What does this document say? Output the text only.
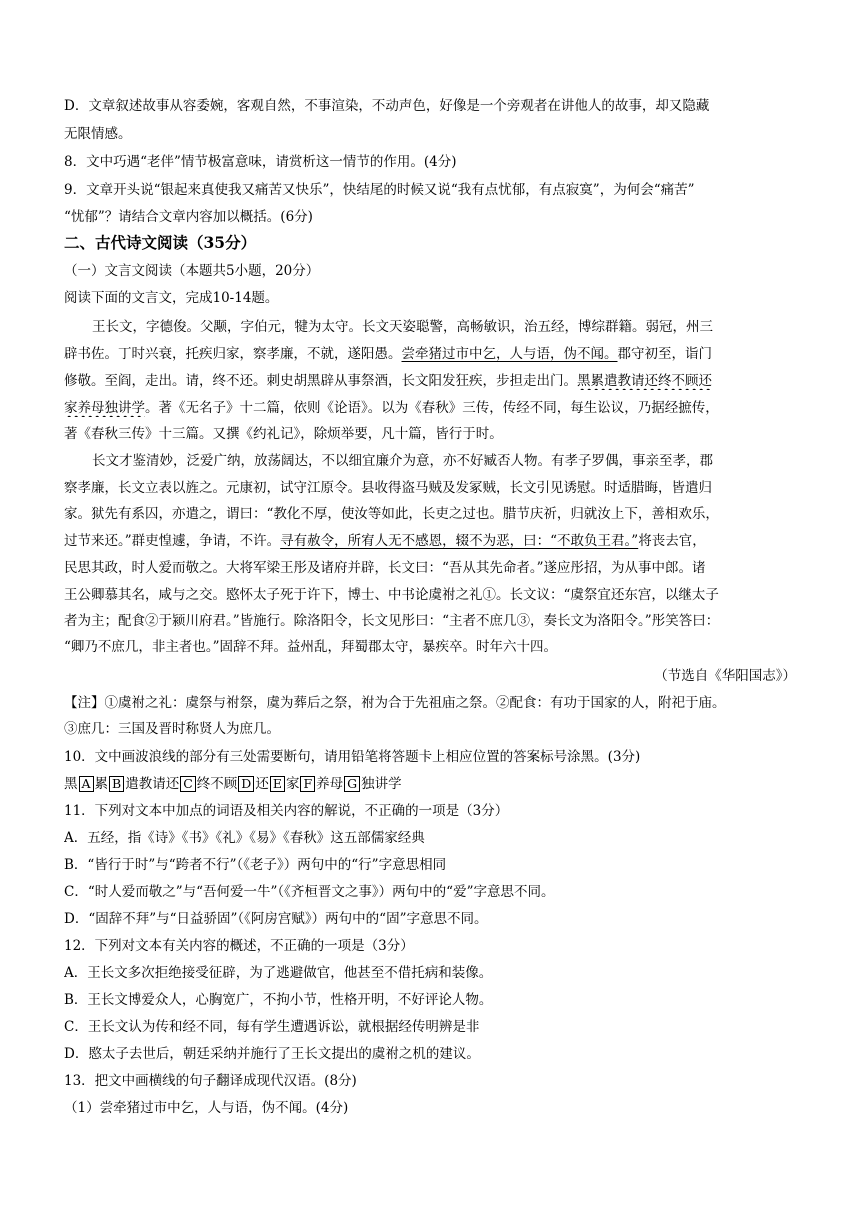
D．文章叙述故事从容委婉，客观自然，不事渲染，不动声色，好像是一个旁观者在讲他人的故事，却又隐藏
无限情感。
8．文中巧遇“老伴”情节极富意味，请赏析这一情节的作用。(4分)
9．文章开头说“银起来真使我又痛苦又快乐”，快结尾的时候又说“我有点忧郁，有点寂寞”，为何会“痛苦”
“忧郁”？请结合文章内容加以概括。(6分)
二、古代诗文阅读（35分）
（一）文言文阅读（本题共5小题，20分）
阅读下面的文言文，完成10-14题。
王长文，字德俊。父颙，字伯元，犍为太守。长文天姿聪警，高畅敏识，治五经，博综群籍。弱冠，州三
辟书佐。丁时兴衰，托疾归家，察孝廉，不就，遂阳愚。尝牵猪过市中乞，人与语，伪不闻。郡守初至，诣门
修敬。至阎，走出。请，终不还。刺史胡黑辟从事祭酒，长文阳发狂疾，步担走出门。黑累遣教请还终不顾还
家养母独讲学。著《无名子》十二篇，依则《论语》。以为《春秋》三传，传经不同，每生讼议，乃据经摭传，
著《春秋三传》十三篇。又撰《约礼记》，除烦举要，凡十篇，皆行于时。
长文才鉴清妙，泛爱广纳，放荡阔达，不以细宜廉介为意，亦不好臧否人物。有孝子罗偶，事亲至孝，郡
察孝廉，长文立表以旌之。元康初，试守江原令。县收得盗马贼及发冢贼，长文引见诱慰。时适腊晦，皆遣归
家。狱先有系囚，亦遣之，谓曰：“教化不厚，使汝等如此，长吏之过也。腊节庆祈，归就汝上下，善相欢乐，
过节来还。”群吏惶遽，争请，不许。寻有赦令，所宥人无不感恩，辍不为恶，曰：“不敢负王君。”将丧去官，
民思其政，时人爱而敬之。大将军梁王彤及诸府并辟，长文曰：“吾从其先命者。”遂应彤招，为从事中郎。诸
王公卿慕其名，咸与之交。愍怀太子死于许下，博士、中书论虞祔之礼①。长文议：“虞祭宜还东宫，以继太子
者为主；配食②于颍川府君。”皆施行。除洛阳令，长文见彤曰：“主者不庶几③，奏长文为洛阳令。”彤笑答曰：
“卿乃不庶几，非主者也。”固辞不拜。益州乱，拜蜀郡太守，暴疾卒。时年六十四。
（节选自《华阳国志》）
【注】①虞祔之礼：虞祭与祔祭，虞为葬后之祭，祔为合于先祖庙之祭。②配食：有功于国家的人，附祀于庙。
③庶几：三国及晋时称贤人为庶几。
10．文中画波浪线的部分有三处需要断句，请用铅笔将答题卡上相应位置的答案标号涂黑。(3分)
黑 A 累 B 遣教请还 C 终不顾 D 还 E 家 F 养母 G 独讲学
11．下列对文本中加点的词语及相关内容的解说，不正确的一项是（3分）
A．五经，指《诗》《书》《礼》《易》《春秋》这五部儒家经典
B．“皆行于时”与“跨者不行”（《老子》）两句中的“行”字意思相同
C．“时人爱而敬之”与“吾何爱一牛”（《齐桓晋文之事》）两句中的“爱”字意思不同。
D．“固辞不拜”与“日益骄固”（《阿房宫赋》）两句中的“固”字意思不同。
12．下列对文本有关内容的概述，不正确的一项是（3分）
A．王长文多次拒绝接受征辟，为了逃避做官，他甚至不借托病和装像。
B．王长文博爱众人，心胸宽广，不拘小节，性格开明，不好评论人物。
C．王长文认为传和经不同，每有学生遭遇诉讼，就根据经传明辨是非
D．愍太子去世后，朝廷采纳并施行了王长文提出的虞祔之机的建议。
13．把文中画横线的句子翻译成现代汉语。(8分)
（1）尝牵猪过市中乞，人与语，伪不闻。(4分)
